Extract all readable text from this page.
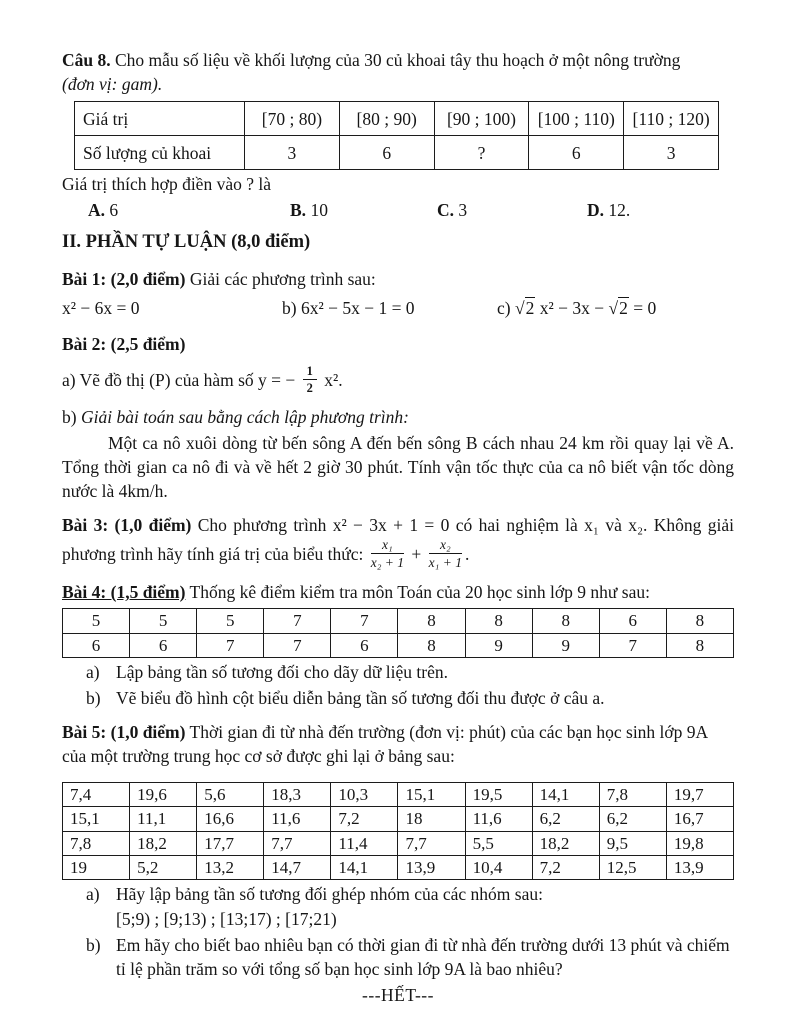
Câu 8. Cho mẫu số liệu về khối lượng của 30 củ khoai tây thu hoạch ở một nông trường

(đơn vị: gam).

Giá trị	[70 ; 80)	[80 ; 90)	[90 ; 100)	[100 ; 110)	[110 ; 120)
Số lượng củ khoai	3	6	?	6	3

Giá trị thích hợp điền vào ? là

A. 6	B. 10	C. 3	D. 12.

II. PHẦN TỰ LUẬN (8,0 điểm)

Bài 1: (2,0 điểm) Giải các phương trình sau:

x² − 6x = 0	b) 6x² − 5x − 1 = 0	c) √2 x² − 3x − √2 = 0

Bài 2: (2,5 điểm)

a) Vẽ đồ thị (P) của hàm số y = − $\frac{1}{2} x^2$.

b) Giải bài toán sau bằng cách lập phương trình:

Một ca nô xuôi dòng từ bến sông A đến bến sông B cách nhau 24 km rồi quay lại về A. Tổng thời gian ca nô đi và về hết 2 giờ 30 phút. Tính vận tốc thực của ca nô biết vận tốc dòng nước là 4km/h.

Bài 3: (1,0 điểm) Cho phương trình x² − 3x + 1 = 0 có hai nghiệm là x₁ và x₂. Không giải phương trình hãy tính giá trị của biểu thức: $\frac{\text{x₁}}{\text{x₂ + 1}} + \frac{\text{x₂}}{\text{x₁ + 1}}$ .

Bài 4: (1,5 điểm) Thống kê điểm kiểm tra môn Toán của 20 học sinh lớp 9 như sau:

5	5	5	7	7	8	8	8	6	8
6	6	7	7	6	8	9	9	7	8
a) Lập bảng tần số tương đối cho dãy dữ liệu trên.
b) Vẽ biểu đồ hình cột biểu diễn bảng tần số tương đối thu được ở câu a.

Bài 5: (1,0 điểm) Thời gian đi từ nhà đến trường (đơn vị: phút) của các bạn học sinh lớp 9A của một trường trung học cơ sở được ghi lại ở bảng sau:

7,4	19,6	5,6	18,3	10,3	15,1	19,5	14,1	7,8	19,7
15,1	11,1	16,6	11,6	7,2	18	11,6	6,2	6,2	16,7
7,8	18,2	17,7	7,7	11,4	7,7	5,5	18,2	9,5	19,8
19	5,2	13,2	14,7	14,1	13,9	10,4	7,2	12,5	13,9
a) Hãy lập bảng tần số tương đối ghép nhóm của các nhóm sau:
[5;9) ; [9;13) ; [13;17) ; [17;21)
b) Em hãy cho biết bao nhiêu bạn có thời gian đi từ nhà đến trường dưới 13 phút và chiếm tỉ lệ phần trăm so với tổng số bạn học sinh lớp 9A là bao nhiêu?

---HẾT---
